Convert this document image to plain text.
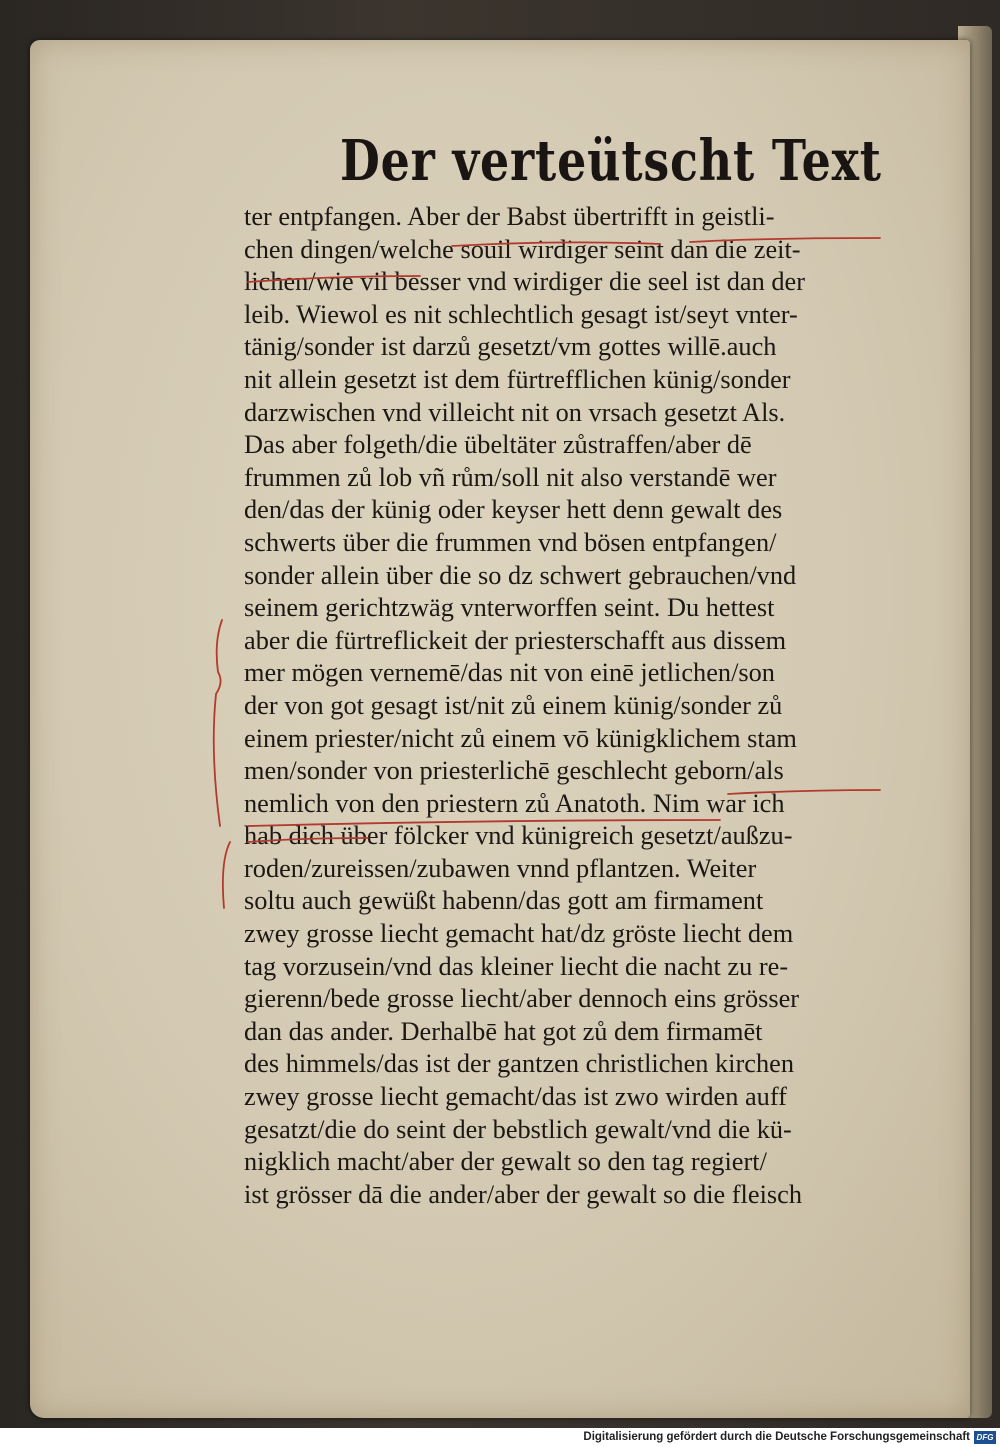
Der verteütscht Text
ter entpfangen. Aber der Babst übertrifft in geistli-
chen dingen/welche souil wirdiger seint dan die zeit-
lichen/wie vil besser vnd wirdiger die seel ist dan der
leib. Wiewol es nit schlechtlich gesagt ist/seyt vnter-
tänig/sonder ist darzů gesetzt/vm gottes willē.auch
nit allein gesetzt ist dem fürtrefflichen künig/sonder
darzwischen vnd villeicht nit on vrsach gesetzt Als.
Das aber folgeth/die übeltäter zůstraffen/aber dē
frummen zů lob vñ rům/soll nit also verstandē wer
den/das der künig oder keyser hett denn gewalt des
schwerts über die frummen vnd bösen entpfangen/
sonder allein über die so dz schwert gebrauchen/vnd
seinem gerichtzwäg vnterworffen seint. Du hettest
aber die fürtreflickeit der priesterschafft aus dissem
mer mögen vernemē/das nit von einē jetlichen/son
der von got gesagt ist/nit zů einem künig/sonder zů
einem priester/nicht zů einem vō künigklichem stam
men/sonder von priesterlichē geschlecht geborn/als
nemlich von den priestern zů Anatoth. Nim war ich
hab dich über fölcker vnd künigreich gesetzt/außzu-
roden/zureissen/zubawen vnnd pflantzen. Weiter
soltu auch gewüßt habenn/das gott am firmament
zwey grosse liecht gemacht hat/dz gröste liecht dem
tag vorzusein/vnd das kleiner liecht die nacht zu re-
gierenn/bede grosse liecht/aber dennoch eins grösser
dan das ander. Derhalbē hat got zů dem firmamēt
des himmels/das ist der gantzen christlichen kirchen
zwey grosse liecht gemacht/das ist zwo wirden auff
gesatzt/die do seint der bebstlich gewalt/vnd die kü-
nigklich macht/aber der gewalt so den tag regiert/
ist grösser dā die ander/aber der gewalt so die fleisch
Digitalisierung gefördert durch die Deutsche Forschungsgemeinschaft DFG
